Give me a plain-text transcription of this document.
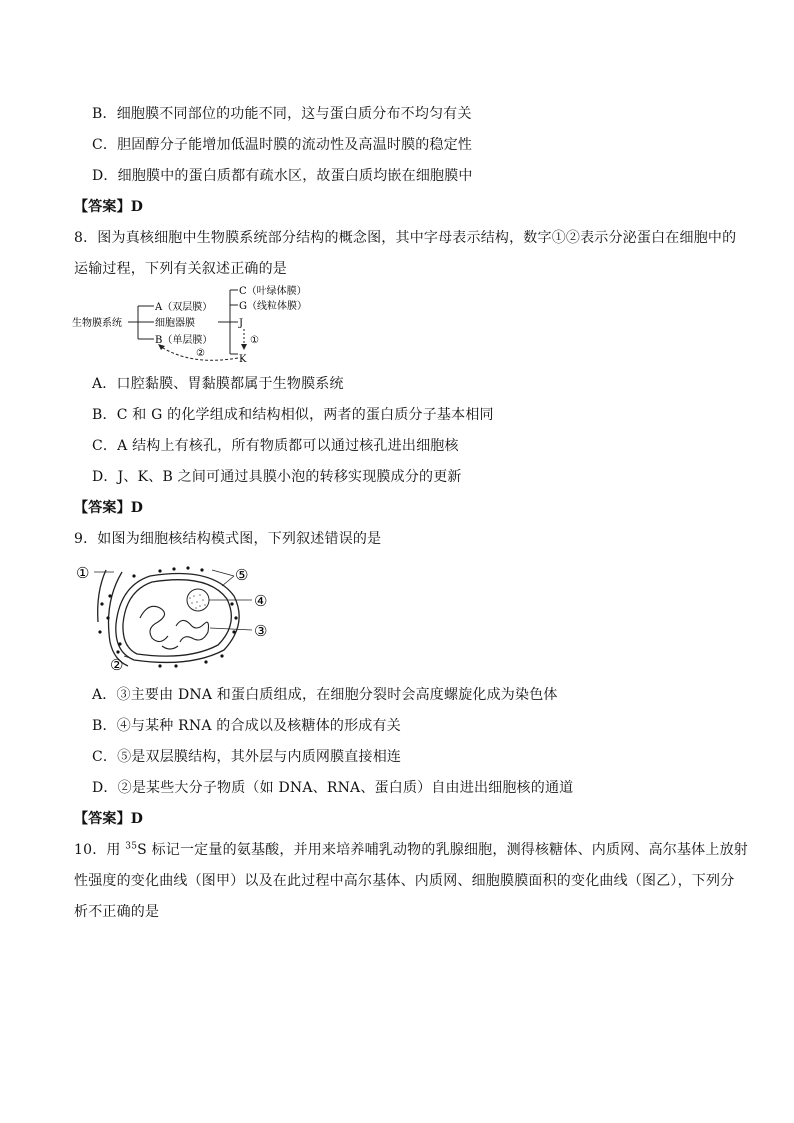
B．细胞膜不同部位的功能不同，这与蛋白质分布不均匀有关
C．胆固醇分子能增加低温时膜的流动性及高温时膜的稳定性
D．细胞膜中的蛋白质都有疏水区，故蛋白质均嵌在细胞膜中
【答案】D
8．图为真核细胞中生物膜系统部分结构的概念图，其中字母表示结构，数字①②表示分泌蛋白在细胞中的
运输过程，下列有关叙述正确的是
生物膜系统
A（双层膜）
细胞器膜
B（单层膜）
C（叶绿体膜）
G（线粒体膜）
J
K
①
②
A．口腔黏膜、胃黏膜都属于生物膜系统
B．C 和 G 的化学组成和结构相似，两者的蛋白质分子基本相同
C．A 结构上有核孔，所有物质都可以通过核孔进出细胞核
D．J、K、B 之间可通过具膜小泡的转移实现膜成分的更新
【答案】D
9．如图为细胞核结构模式图，下列叙述错误的是
①	⑤
④
③
②
A．③主要由 DNA 和蛋白质组成，在细胞分裂时会高度螺旋化成为染色体
B．④与某种 RNA 的合成以及核糖体的形成有关
C．⑤是双层膜结构，其外层与内质网膜直接相连
D．②是某些大分子物质（如 DNA、RNA、蛋白质）自由进出细胞核的通道
【答案】D
10．用 $^{35}$S 标记一定量的氨基酸，并用来培养哺乳动物的乳腺细胞，测得核糖体、内质网、高尔基体上放射
性强度的变化曲线（图甲）以及在此过程中高尔基体、内质网、细胞膜膜面积的变化曲线（图乙），下列分
析不正确的是
